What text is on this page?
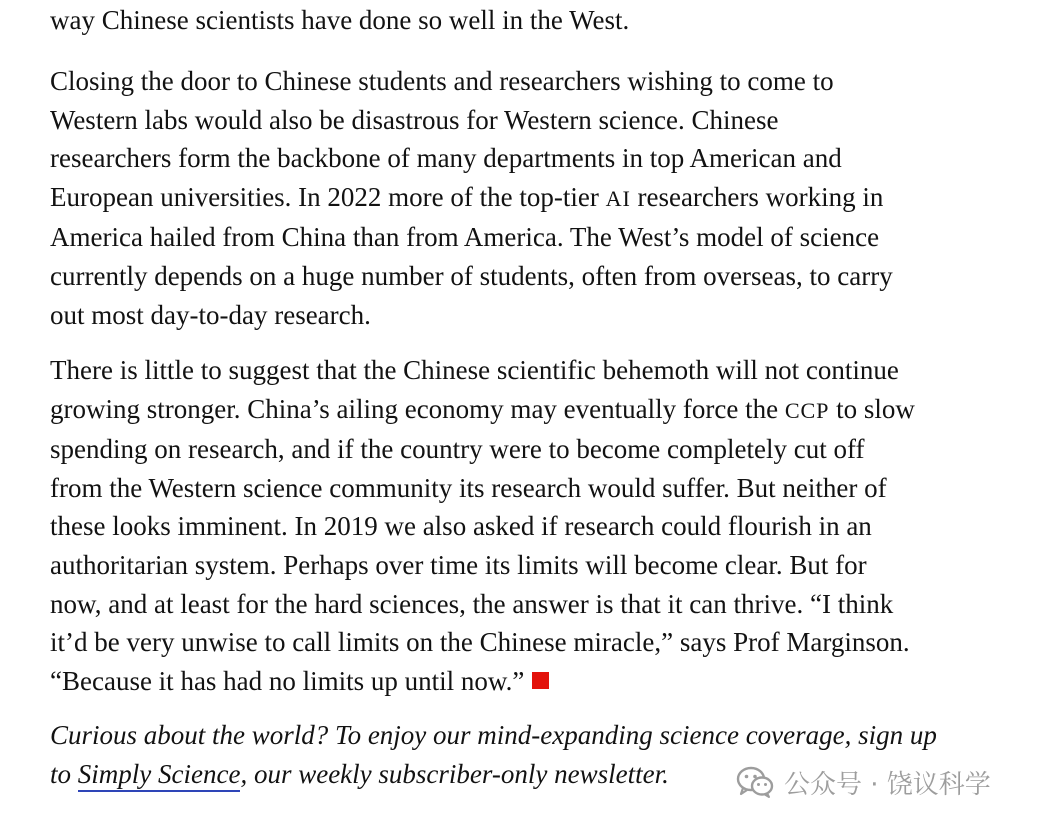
way Chinese scientists have done so well in the West.
Closing the door to Chinese students and researchers wishing to come to
Western labs would also be disastrous for Western science. Chinese
researchers form the backbone of many departments in top American and
European universities. In 2022 more of the top-tier AI researchers working in
America hailed from China than from America. The West’s model of science
currently depends on a huge number of students, often from overseas, to carry
out most day-to-day research.
There is little to suggest that the Chinese scientific behemoth will not continue
growing stronger. China’s ailing economy may eventually force the CCP to slow
spending on research, and if the country were to become completely cut off
from the Western science community its research would suffer. But neither of
these looks imminent. In 2019 we also asked if research could flourish in an
authoritarian system. Perhaps over time its limits will become clear. But for
now, and at least for the hard sciences, the answer is that it can thrive. “I think
it’d be very unwise to call limits on the Chinese miracle,” says Prof Marginson.
“Because it has had no limits up until now.”
Curious about the world? To enjoy our mind-expanding science coverage, sign up
to Simply Science, our weekly subscriber-only newsletter.	公众号 · 饶议科学
